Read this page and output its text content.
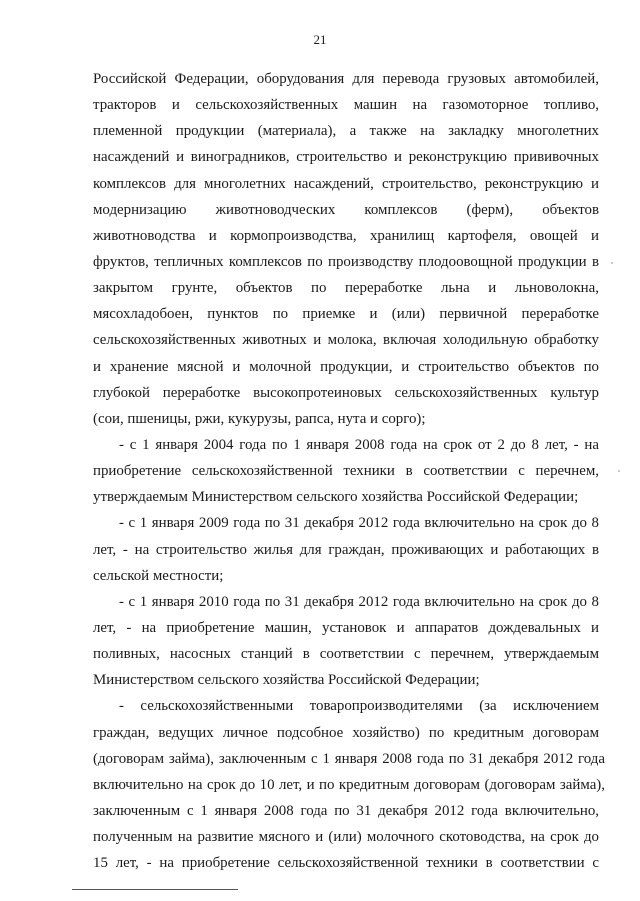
21
Российской Федерации, оборудования для перевода грузовых автомобилей,
тракторов и сельскохозяйственных машин на газомоторное топливо,
племенной продукции (материала), а также на закладку многолетних
насаждений и виноградников, строительство и реконструкцию прививочных
комплексов для многолетних насаждений, строительство, реконструкцию и
модернизацию животноводческих комплексов (ферм), объектов
животноводства и кормопроизводства, хранилищ картофеля, овощей и
фруктов, тепличных комплексов по производству плодоовощной продукции в
закрытом грунте, объектов по переработке льна и льноволокна,
мясохладобоен, пунктов по приемке и (или) первичной переработке
сельскохозяйственных животных и молока, включая холодильную обработку
и хранение мясной и молочной продукции, и строительство объектов по
глубокой переработке высокопротеиновых сельскохозяйственных культур
(сои, пшеницы, ржи, кукурузы, рапса, нута и сорго);
- с 1 января 2004 года по 1 января 2008 года на срок от 2 до 8 лет, - на
приобретение сельскохозяйственной техники в соответствии с перечнем,
утверждаемым Министерством сельского хозяйства Российской Федерации;
- с 1 января 2009 года по 31 декабря 2012 года включительно на срок до 8
лет, - на строительство жилья для граждан, проживающих и работающих в
сельской местности;
- с 1 января 2010 года по 31 декабря 2012 года включительно на срок до 8
лет, - на приобретение машин, установок и аппаратов дождевальных и
поливных, насосных станций в соответствии с перечнем, утверждаемым
Министерством сельского хозяйства Российской Федерации;
- сельскохозяйственными товаропроизводителями (за исключением
граждан, ведущих личное подсобное хозяйство) по кредитным договорам
(договорам займа), заключенным с 1 января 2008 года по 31 декабря 2012 года
включительно на срок до 10 лет, и по кредитным договорам (договорам займа),
заключенным с 1 января 2008 года по 31 декабря 2012 года включительно,
полученным на развитие мясного и (или) молочного скотоводства, на срок до
15 лет, - на приобретение сельскохозяйственной техники в соответствии с
